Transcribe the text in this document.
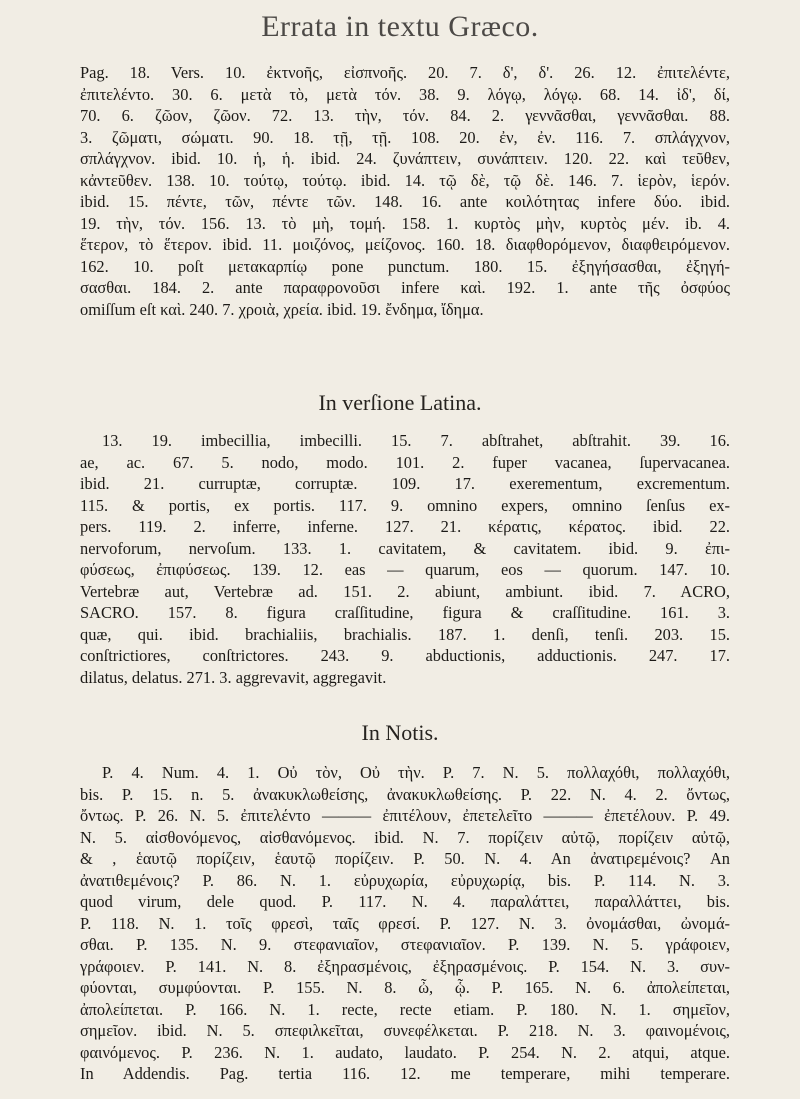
Errata in textu Græco.
Pag. 18. Vers. 10. ἐκτνοῆς, εἰσπνοῆς. 20. 7. δ', δ'. 26. 12. ἐπιτελέντε,
ἐπιτελέντο. 30. 6. μετὰ τὸ, μετὰ τόν. 38. 9. λόγῳ, λόγῳ. 68. 14. ἰδ', δί,
70. 6. ζῶον, ζῶον. 72. 13. τὴν, τόν. 84. 2. γεννᾶσθαι, γεννᾶσθαι. 88.
3. ζῶματι, σώματι. 90. 18. τῇ, τῇ. 108. 20. ἐν, ἐν. 116. 7. σπλάγχνον,
σπλάγχνον. ibid. 10. ἡ, ἡ. ibid. 24. ζυνάπτειν, συνάπτειν. 120. 22. καὶ τεῦθεν,
κἀντεῦθεν. 138. 10. τούτῳ, τούτῳ. ibid. 14. τῷ δὲ, τῷ δὲ. 146. 7. ἱερὸν, ἱερόν.
ibid. 15. πέντε, τῶν, πέντε τῶν. 148. 16. ante κοιλότητας infere δύο. ibid.
19. τὴν, τόν. 156. 13. τὸ μὴ, τομή. 158. 1. κυρτὸς μὴν, κυρτὸς μέν. ib. 4.
ἕτερον, τὸ ἕτερον. ibid. 11. μοιζόνος, μείζονος. 160. 18. διαφθορόμενον, διαφθειρόμενον.
162. 10. poſt μετακαρπίῳ pone punctum. 180. 15. ἐξηγήσασθαι, ἐξηγή-
σασθαι. 184. 2. ante παραφρονοῦσι infere καὶ. 192. 1. ante τῆς ὀσφύος
omiſſum eſt καὶ. 240. 7. χροιὰ, χρεία. ibid. 19. ἔνδημα, ἴδημα.
In verſione Latina.
13. 19. imbecillia, imbecilli. 15. 7. abſtrahet, abſtrahit. 39. 16.
ae, ac. 67. 5. nodo, modo. 101. 2. fuper vacanea, ſupervacanea.
ibid. 21. curruptæ, corruptæ. 109. 17. exerementum, excrementum.
115. & portis, ex portis. 117. 9. omnino expers, omnino ſenſus ex-
pers. 119. 2. inferre, inferne. 127. 21. κέρατις, κέρατος. ibid. 22.
nervoforum, nervoſum. 133. 1. cavitatem, & cavitatem. ibid. 9. ἐπι-
φύσεως, ἐπιφύσεως. 139. 12. eas — quarum, eos — quorum. 147. 10.
Vertebræ aut, Vertebræ ad. 151. 2. abiunt, ambiunt. ibid. 7. ACRO,
SACRO. 157. 8. figura craſſitudine, figura & craſſitudine. 161. 3.
quæ, qui. ibid. brachialiis, brachialis. 187. 1. denſi, tenſi. 203. 15.
conſtrictiores, conſtrictores. 243. 9. abductionis, adductionis. 247. 17.
dilatus, delatus. 271. 3. aggrevavit, aggregavit.
In Notis.
P. 4. Num. 4. 1. Οὐ τὸν, Οὐ τὴν. P. 7. N. 5. πολλαχόθι, πολλαχόθι,
bis. P. 15. n. 5. ἀνακυκλωθείσης, ἀνακυκλωθείσης. P. 22. N. 4. 2. ὄντως,
ὄντως. P. 26. N. 5. ἐπιτελέντο ——— ἐπιτέλουν, ἐπετελεῖτο ——— ἐπετέλουν. P. 49.
N. 5. αἰσθονόμενος, αἰσθανόμενος. ibid. N. 7. πορίζειν αὐτῷ, πορίζειν αὐτῷ,
& , ἑαυτῷ πορίζειν, ἑαυτῷ πορίζειν. P. 50. N. 4. An ἀνατιρεμένοις? An
ἀνατιθεμένοις? P. 86. N. 1. εὐρυχωρία, εὐρυχωρίᾳ, bis. P. 114. N. 3.
quod virum, dele quod. P. 117. N. 4. παραλάττει, παραλλάττει, bis.
P. 118. N. 1. τοῖς φρεσὶ, ταῖς φρεσί. P. 127. N. 3. ὀνομάσθαι, ὠνομά-
σθαι. P. 135. N. 9. στεφανιαῖον, στεφανιαῖον. P. 139. N. 5. γράφοιεν,
γράφοιεν. P. 141. N. 8. ἐξηρασμένοις, ἐξηρασμένοις. P. 154. N. 3. συν-
φύονται, συμφύονται. P. 155. N. 8. ὦ, ᾧ. P. 165. N. 6. ἀπολείπεται,
ἀπολείπεται. P. 166. N. 1. recte, recte etiam. P. 180. N. 1. σημεῖον,
σημεῖον. ibid. N. 5. σπεφιλκεῖται, συνεφέλκεται. P. 218. N. 3. φαινομένοις,
φαινόμενος. P. 236. N. 1. audato, laudato. P. 254. N. 2. atqui, atque.
In Addendis. Pag. tertia 116. 12. me temperare, mihi temperare.
